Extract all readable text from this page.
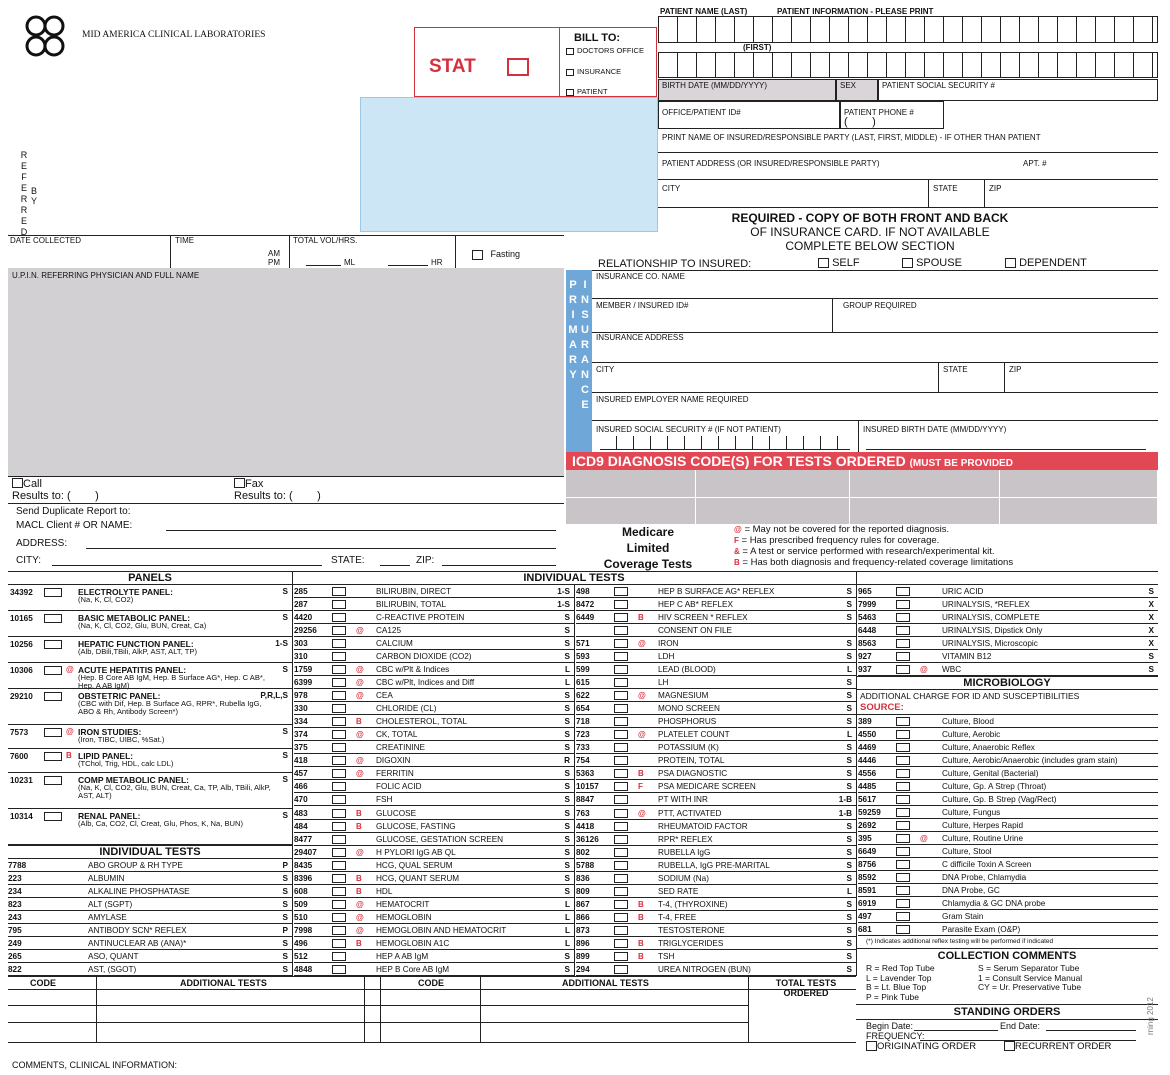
MID AMERICA CLINICAL LABORATORIES
R
E
F
E
R
R
E
D
B
Y
STAT
BILL TO:
DOCTORS OFFICE
INSURANCE
PATIENT
PATIENT NAME (LAST)	PATIENT INFORMATION - PLEASE PRINT
(FIRST)
BIRTH DATE (MM/DD/YYYY)	SEX	PATIENT SOCIAL SECURITY #
OFFICE/PATIENT ID#	PATIENT PHONE #
(        )
PRINT NAME OF INSURED/RESPONSIBLE PARTY (LAST, FIRST, MIDDLE) - IF OTHER THAN PATIENT
PATIENT ADDRESS (OR INSURED/RESPONSIBLE PARTY)	APT. #
CITY	STATE	ZIP
REQUIRED - COPY OF BOTH FRONT AND BACK
OF INSURANCE CARD. IF NOT AVAILABLE
COMPLETE BELOW SECTION
RELATIONSHIP TO INSURED:	SELF	SPOUSE	DEPENDENT
DATE COLLECTED	TIME
AM
PM
TOTAL VOL/HRS.
ML	HR
Fasting
U.P.I.N. REFERRING PHYSICIAN AND FULL NAME
P
R
I
M
A
R
Y
I
N
S
U
R
A
N
C
E
INSURANCE CO. NAME
MEMBER / INSURED ID#	GROUP REQUIRED
INSURANCE ADDRESS
CITY	STATE	ZIP
INSURED EMPLOYER NAME REQUIRED
INSURED SOCIAL SECURITY # (IF NOT PATIENT)	INSURED BIRTH DATE (MM/DD/YYYY)
ICD9 DIAGNOSIS CODE(S) FOR TESTS ORDERED (MUST BE PROVIDED
Call
Results to: (        )
Fax
Results to: (        )
Send Duplicate Report to:
MACL Client # OR NAME:
ADDRESS:
CITY:	STATE:	ZIP:
Medicare
Limited
Coverage Tests
@ = May not be covered for the reported diagnosis.
F = Has prescribed frequency rules for coverage.
& = A test or service performed with research/experimental kit.
B = Has both diagnosis and frequency-related coverage limitations
PANELS	INDIVIDUAL TESTS
34392	ELECTROLYTE PANEL:	S
(Na, K, Cl, CO2)
10165	BASIC METABOLIC PANEL:	S
(Na, K, Cl, CO2, Glu, BUN, Creat, Ca)
10256	HEPATIC FUNCTION PANEL:	1-S
(Alb, DBili,TBili, AlkP, AST, ALT, TP)
10306	@ ACUTE HEPATITIS PANEL:	S
(Hep. B Core AB IgM, Hep. B Surface AG*, Hep. C AB*, Hep. A AB IgM)
29210	OBSTETRIC PANEL:	P,R,L,S
(CBC with Dif, Hep. B Surface AG, RPR*, Rubella IgG, ABO & Rh, Antibody Screen*)
7573	@ IRON STUDIES:	S
(Iron, TIBC, UIBC, %Sat.)
7600	B LIPID PANEL:	S
(TChol, Trig, HDL, calc LDL)
10231	COMP METABOLIC PANEL:	S
(Na, K, Cl, CO2, Glu, BUN, Creat, Ca, TP, Alb, TBili, AlkP, AST, ALT)
10314	RENAL PANEL:	S
(Alb, Ca, CO2, Cl, Creat, Glu, Phos, K, Na, BUN)
INDIVIDUAL TESTS
7788	ABO GROUP & RH TYPE	P
223	ALBUMIN	S
234	ALKALINE PHOSPHATASE	S
823	ALT (SGPT)	S
243	AMYLASE	S
795	ANTIBODY SCN* REFLEX	P
249	ANTINUCLEAR AB (ANA)*	S
265	ASO, QUANT	S
822	AST, (SGOT)	S
285	BILIRUBIN, DIRECT	1-S
287	BILIRUBIN, TOTAL	1-S
4420	C-REACTIVE PROTEIN	S
29256	@ CA125	S
303	CALCIUM	S
310	CARBON DIOXIDE (CO2)	S
1759	@ CBC w/Plt & Indices	L
6399	@ CBC w/Plt, Indices and Diff	L
978	@ CEA	S
330	CHLORIDE (CL)	S
334	B CHOLESTEROL, TOTAL	S
374	@ CK, TOTAL	S
375	CREATININE	S
418	@ DIGOXIN	R
457	@ FERRITIN	S
466	FOLIC ACID	S
470	FSH	S
483	B GLUCOSE	S
484	B GLUCOSE, FASTING	S
8477	GLUCOSE, GESTATION SCREEN	S
29407	@ H PYLORI IgG AB QL	S
8435	HCG, QUAL SERUM	S
8396	B HCG, QUANT SERUM	S
608	B HDL	S
509	@ HEMATOCRIT	L
510	@ HEMOGLOBIN	L
7998	@ HEMOGLOBIN AND HEMATOCRIT	L
496	B HEMOGLOBIN A1C	L
512	HEP A AB IgM	S
4848	HEP B Core AB IgM	S
498	HEP B SURFACE AG* REFLEX	S
8472	HEP C AB* REFLEX	S
6449	B HIV SCREEN * REFLEX	S
CONSENT ON FILE
571	@ IRON	S
593	LDH	S
599	LEAD (BLOOD)	L
615	LH	S
622	@ MAGNESIUM	S
654	MONO SCREEN	S
718	PHOSPHORUS	S
723	@ PLATELET COUNT	L
733	POTASSIUM (K)	S
754	PROTEIN, TOTAL	S
5363	B PSA DIAGNOSTIC	S
10157	F PSA MEDICARE SCREEN	S
8847	PT WITH INR	1-B
763	@ PTT, ACTIVATED	1-B
4418	RHEUMATOID FACTOR	S
36126	RPR* REFLEX	S
802	RUBELLA IgG	S
5788	RUBELLA, IgG PRE-MARITAL	S
836	SODIUM (Na)	S
809	SED RATE	L
867	B T-4, (THYROXINE)	S
866	B T-4, FREE	S
873	TESTOSTERONE	S
896	B TRIGLYCERIDES	S
899	B TSH	S
294	UREA NITROGEN (BUN)	S
965	URIC ACID	S
7999	URINALYSIS, *REFLEX	X
5463	URINALYSIS, COMPLETE	X
6448	URINALYSIS, Dipstick Only	X
8563	URINALYSIS, Microscopic	X
927	VITAMIN B12	S
937	@ WBC	S
MICROBIOLOGY
ADDITIONAL CHARGE FOR ID AND SUSCEPTIBILITIES
SOURCE:
389	Culture, Blood
4550	Culture, Aerobic
4469	Culture, Anaerobic Reflex
4446	Culture, Aerobic/Anaerobic (includes gram stain)
4556	Culture, Genital (Bacterial)
4485	Culture, Gp. A Strep (Throat)
5617	Culture, Gp. B Strep (Vag/Rect)
59259	Culture, Fungus
2692	Culture, Herpes Rapid
395	@ Culture, Routine Urine
6649	Culture, Stool
8756	C difficile Toxin A Screen
8592	DNA Probe, Chlamydia
8591	DNA Probe, GC
6919	Chlamydia & GC DNA probe
497	Gram Stain
681	Parasite Exam (O&P)
(*) Indicates additional reflex testing will be performed if indicated
COLLECTION COMMENTS
R = Red Top Tube	S = Serum Separator Tube
L = Lavender Top	1 = Consult Service Manual
B = Lt. Blue Top	CY = Ur. Preservative Tube
P = Pink Tube
STANDING ORDERS
Begin Date:	End Date:
FREQUENCY:
ORIGINATING ORDER	RECURRENT ORDER
rning 2012
CODE	ADDITIONAL TESTS	CODE	ADDITIONAL TESTS	TOTAL TESTS ORDERED
COMMENTS, CLINICAL INFORMATION:
